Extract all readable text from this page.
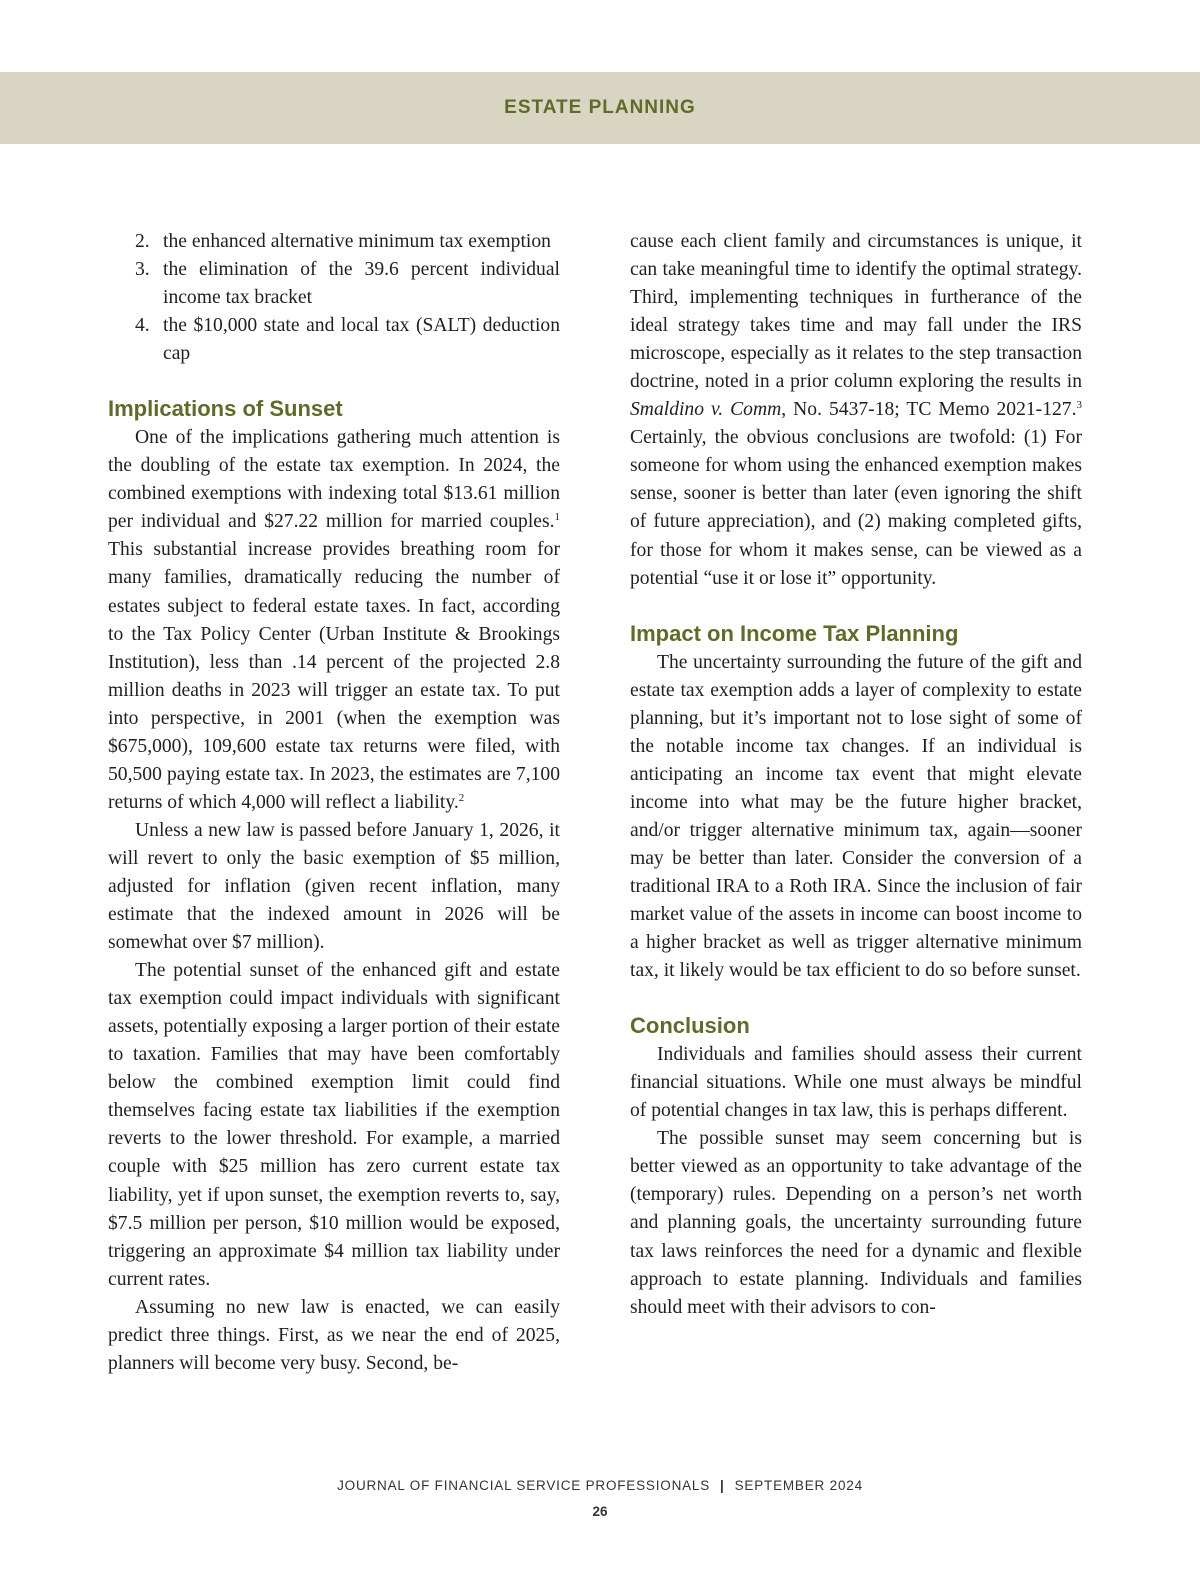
ESTATE PLANNING
2. the enhanced alternative minimum tax exemption
3. the elimination of the 39.6 percent individual income tax bracket
4. the $10,000 state and local tax (SALT) deduction cap
Implications of Sunset

One of the implications gathering much attention is the doubling of the estate tax exemption. In 2024, the combined exemptions with indexing total $13.61 million per individual and $27.22 million for married couples.$^1$ This substantial increase provides breathing room for many families, dramatically reducing the number of estates subject to federal estate taxes. In fact, according to the Tax Policy Center (Urban Institute & Brookings Institution), less than .14 percent of the projected 2.8 million deaths in 2023 will trigger an estate tax. To put into perspective, in 2001 (when the exemption was $675,000), 109,600 estate tax returns were filed, with 50,500 paying estate tax. In 2023, the estimates are 7,100 returns of which 4,000 will reflect a liability.$^2$

Unless a new law is passed before January 1, 2026, it will revert to only the basic exemption of $5 million, adjusted for inflation (given recent inflation, many estimate that the indexed amount in 2026 will be somewhat over $7 million).

The potential sunset of the enhanced gift and estate tax exemption could impact individuals with significant assets, potentially exposing a larger portion of their estate to taxation. Families that may have been comfortably below the combined exemption limit could find themselves facing estate tax liabilities if the exemption reverts to the lower threshold. For example, a married couple with $25 million has zero current estate tax liability, yet if upon sunset, the exemption reverts to, say, $7.5 million per person, $10 million would be exposed, triggering an approximate $4 million tax liability under current rates.

Assuming no new law is enacted, we can easily predict three things. First, as we near the end of 2025, planners will become very busy. Second, be-

cause each client family and circumstances is unique, it can take meaningful time to identify the optimal strategy. Third, implementing techniques in furtherance of the ideal strategy takes time and may fall under the IRS microscope, especially as it relates to the step transaction doctrine, noted in a prior column exploring the results in Smaldino v. Comm, No. 5437-18; TC Memo 2021-127.$^3$ Certainly, the obvious conclusions are twofold: (1) For someone for whom using the enhanced exemption makes sense, sooner is better than later (even ignoring the shift of future appreciation), and (2) making completed gifts, for those for whom it makes sense, can be viewed as a potential “use it or lose it” opportunity.

Impact on Income Tax Planning

The uncertainty surrounding the future of the gift and estate tax exemption adds a layer of complexity to estate planning, but it’s important not to lose sight of some of the notable income tax changes. If an individual is anticipating an income tax event that might elevate income into what may be the future higher bracket, and/or trigger alternative minimum tax, again—sooner may be better than later. Consider the conversion of a traditional IRA to a Roth IRA. Since the inclusion of fair market value of the assets in income can boost income to a higher bracket as well as trigger alternative minimum tax, it likely would be tax efficient to do so before sunset.

Conclusion

Individuals and families should assess their current financial situations. While one must always be mindful of potential changes in tax law, this is perhaps different.

The possible sunset may seem concerning but is better viewed as an opportunity to take advantage of the (temporary) rules. Depending on a person’s net worth and planning goals, the uncertainty surrounding future tax laws reinforces the need for a dynamic and flexible approach to estate planning. Individuals and families should meet with their advisors to con-

JOURNAL OF FINANCIAL SERVICE PROFESSIONALS | SEPTEMBER 2024
26
